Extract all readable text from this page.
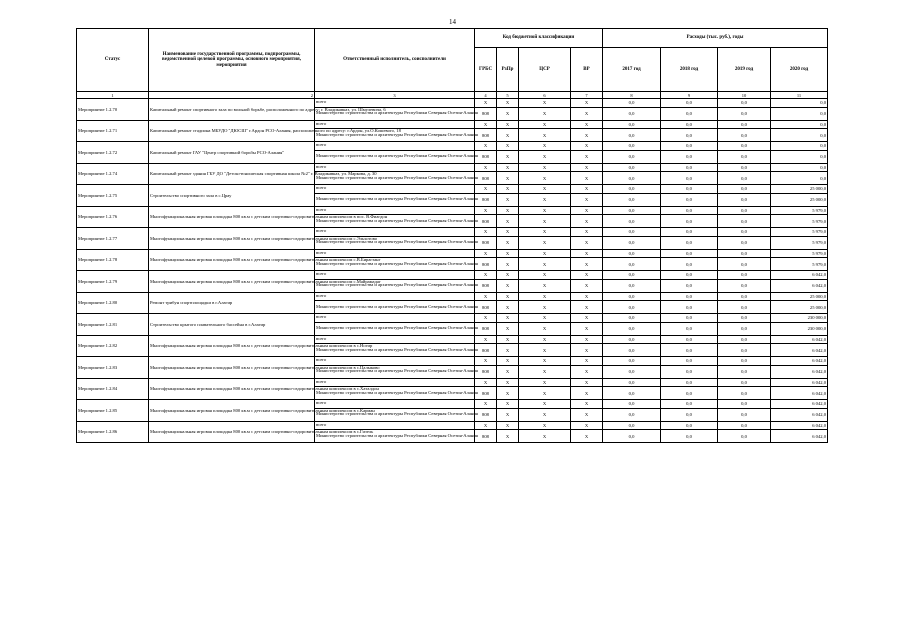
14
Статус	Наименование государственной программы, подпрограммы, ведомственной целевой программы, основного мероприятия, мероприятия	Ответственный исполнитель, соисполнители	Код бюджетной классификации				Расходы (тыс. руб.), годы			
			ГРБС	РзПр	ЦСР	ВР	2017 год	2018 год	2019 год	2020 год
1	2	3	4	5	6	7	8	9	10	11
Мероприятие 1.2.70	Капитальный ремонт спортивного зала по вольной борьбе, расположенного по адресу: г. Владикавказ, ул. Шмулевича, 6	всего	X	X	X	X	0,0	0,0	0,0	0,0
		Министерство строительства и архитектуры Республики Северная Осетия-Алания	808	X	X	X	0,0	0,0	0,0	0,0
Мероприятие 1.2.71	Капитальный ремонт стадиона МБУДО "ДЮСШ" г.Ардон РСО-Алания, расположенного по адресу: г.Ардон, ул.О.Кошевого, 18	всего	X	X	X	X	0,0	0,0	0,0	0,0
		Министерство строительства и архитектуры Республики Северная Осетия-Алания	808	X	X	X	0,0	0,0	0,0	0,0
Мероприятие 1.2.72	Капитальный ремонт ГАУ "Центр спортивной борьбы РСО-Алания"	всего	X	X	X	X	0,0	0,0	0,0	0,0
		Министерство строительства и архитектуры Республики Северная Осетия-Алания	808	X	X	X	0,0	0,0	0,0	0,0
Мероприятие 1.2.74	Капитальный ремонт здания ГБУ ДО "Детско-юношеская спортивная школа №2" г. Владикавказ, ул. Маркова, д. 30	всего	X	X	X	X	0,0	0,0	0,0	0,0
		Министерство строительства и архитектуры Республики Северная Осетия-Алания	808	X	X	X	0,0	0,0	0,0	0,0
Мероприятие 1.2.75	Строительство спортивного зала в с.Црау	всего	X	X	X	X	0,0	0,0	0,0	25 000,0
		Министерство строительства и архитектуры Республики Северная Осетия-Алания	808	X	X	X	0,0	0,0	0,0	25 000,0
Мероприятие 1.2.76	Многофункциональная игровая площадка 800 кв.м с детским спортивно-оздоровительным комплексом в пос. В.Фиагдон	всего	X	X	X	X	0,0	0,0	0,0	5 979,0
		Министерство строительства и архитектуры Республики Северная Осетия-Алания	808	X	X	X	0,0	0,0	0,0	5 979,0
Мероприятие 1.2.77	Многофункциональная игровая площадка 800 кв.м с детским спортивно-оздоровительным комплексом с.Эльхотово	всего	X	X	X	X	0,0	0,0	0,0	5 979,0
		Министерство строительства и архитектуры Республики Северная Осетия-Алания	808	X	X	X	0,0	0,0	0,0	5 979,0
Мероприятие 1.2.78	Многофункциональная игровая площадка 800 кв.м с детским спортивно-оздоровительным комплексом с.В.Бирагзанг	всего	X	X	X	X	0,0	0,0	0,0	5 979,0
		Министерство строительства и архитектуры Республики Северная Осетия-Алания	808	X	X	X	0,0	0,0	0,0	5 979,0
Мероприятие 1.2.79	Многофункциональная игровая площадка 800 кв.м с детским спортивно-оздоровительным комплексом с.Майрамадаг	всего	X	X	X	X	0,0	0,0	0,0	6 042,0
		Министерство строительства и архитектуры Республики Северная Осетия-Алания	808	X	X	X	0,0	0,0	0,0	6 042,0
Мероприятие 1.2.80	Ремонт трибун спортплощадки в г.Алагир	всего	X	X	X	X	0,0	0,0	0,0	25 000,0
		Министерство строительства и архитектуры Республики Северная Осетия-Алания	808	X	X	X	0,0	0,0	0,0	25 000,0
Мероприятие 1.2.81	Строительство крытого плавательного бассейна в г.Алагир	всего	X	X	X	X	0,0	0,0	0,0	230 000,0
		Министерство строительства и архитектуры Республики Северная Осетия-Алания	808	X	X	X	0,0	0,0	0,0	230 000,0
Мероприятие 1.2.82	Многофункциональная игровая площадка 800 кв.м с детским спортивно-оздоровительным комплексом в с.Ногир	всего	X	X	X	X	0,0	0,0	0,0	6 042,0
		Министерство строительства и архитектуры Республики Северная Осетия-Алания	808	X	X	X	0,0	0,0	0,0	6 042,0
Мероприятие 1.2.83	Многофункциональная игровая площадка 800 кв.м с детским спортивно-оздоровительным комплексом в с.Цалыково	всего	X	X	X	X	0,0	0,0	0,0	6 042,0
		Министерство строительства и архитектуры Республики Северная Осетия-Алания	808	X	X	X	0,0	0,0	0,0	6 042,0
Мероприятие 1.2.84	Многофункциональная игровая площадка 800 кв.м с детским спортивно-оздоровительным комплексом в с.Хаталдон	всего	X	X	X	X	0,0	0,0	0,0	6 042,0
		Министерство строительства и архитектуры Республики Северная Осетия-Алания	808	X	X	X	0,0	0,0	0,0	6 042,0
Мероприятие 1.2.85	Многофункциональная игровая площадка 800 кв.м с детским спортивно-оздоровительным комплексом в с.Карман	всего	X	X	X	X	0,0	0,0	0,0	6 042,0
		Министерство строительства и архитектуры Республики Северная Осетия-Алания	808	X	X	X	0,0	0,0	0,0	6 042,0
Мероприятие 1.2.86	Многофункциональная игровая площадка 800 кв.м с детским спортивно-оздоровительным комплексом в с.Гизель	всего	X	X	X	X	0,0	0,0	0,0	6 042,0
		Министерство строительства и архитектуры Республики Северная Осетия-Алания	808	X	X	X	0,0	0,0	0,0	6 042,0
